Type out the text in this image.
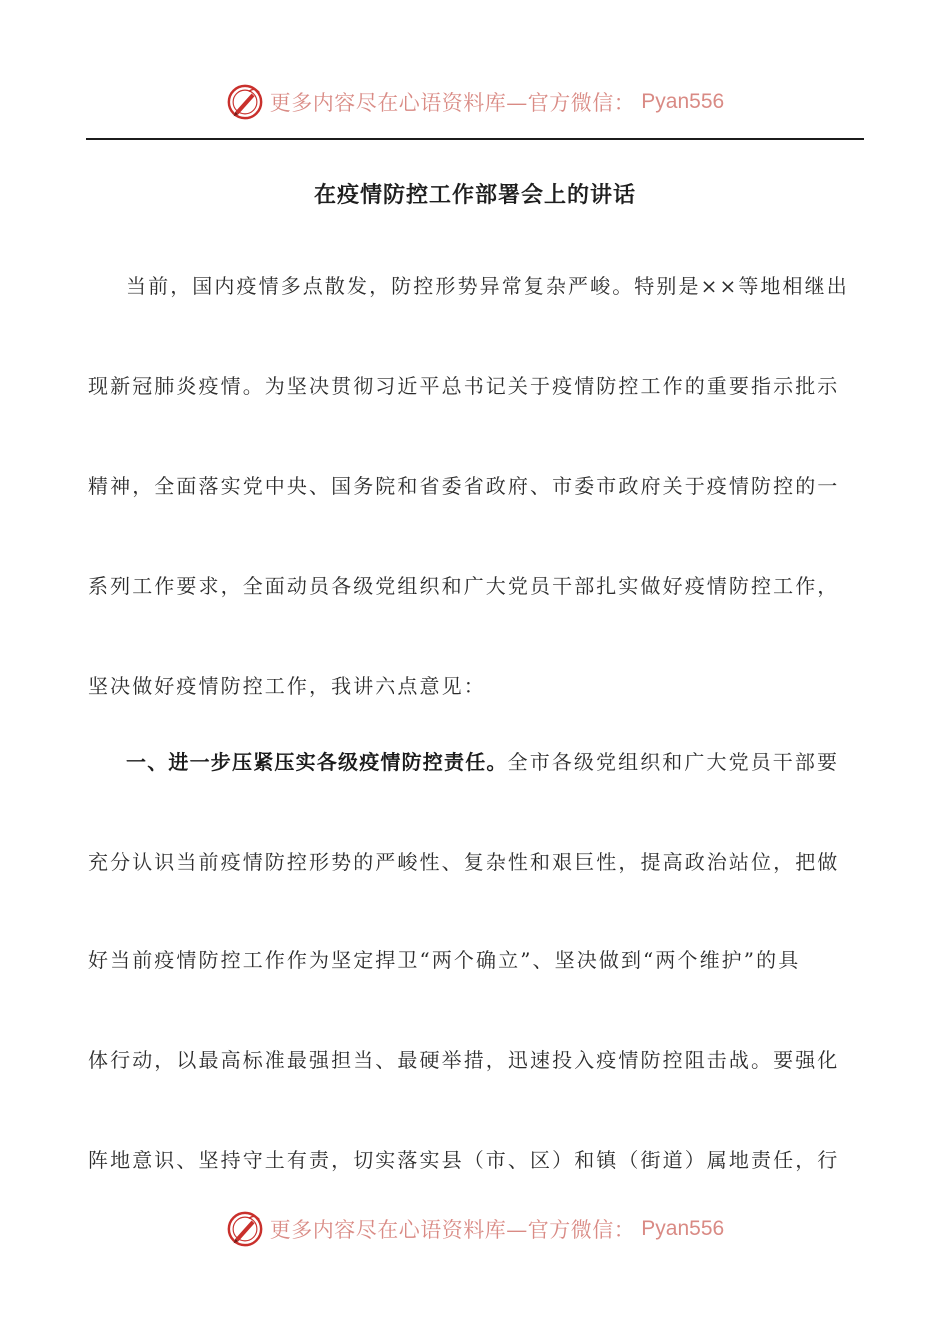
更多内容尽在心语资料库—官方微信： Pyan556
在疫情防控工作部署会上的讲话
当前，国内疫情多点散发，防控形势异常复杂严峻。特别是××等地相继出
现新冠肺炎疫情。为坚决贯彻习近平总书记关于疫情防控工作的重要指示批示
精神，全面落实党中央、国务院和省委省政府、市委市政府关于疫情防控的一
系列工作要求，全面动员各级党组织和广大党员干部扎实做好疫情防控工作，
坚决做好疫情防控工作，我讲六点意见：
一、进一步压紧压实各级疫情防控责任。全市各级党组织和广大党员干部要
充分认识当前疫情防控形势的严峻性、复杂性和艰巨性，提高政治站位，把做
好当前疫情防控工作作为坚定捍卫“两个确立”、坚决做到“两个维护”的具
体行动，以最高标准最强担当、最硬举措，迅速投入疫情防控阻击战。要强化
阵地意识、坚持守土有责，切实落实县（市、区）和镇（街道）属地责任，行
更多内容尽在心语资料库—官方微信： Pyan556
